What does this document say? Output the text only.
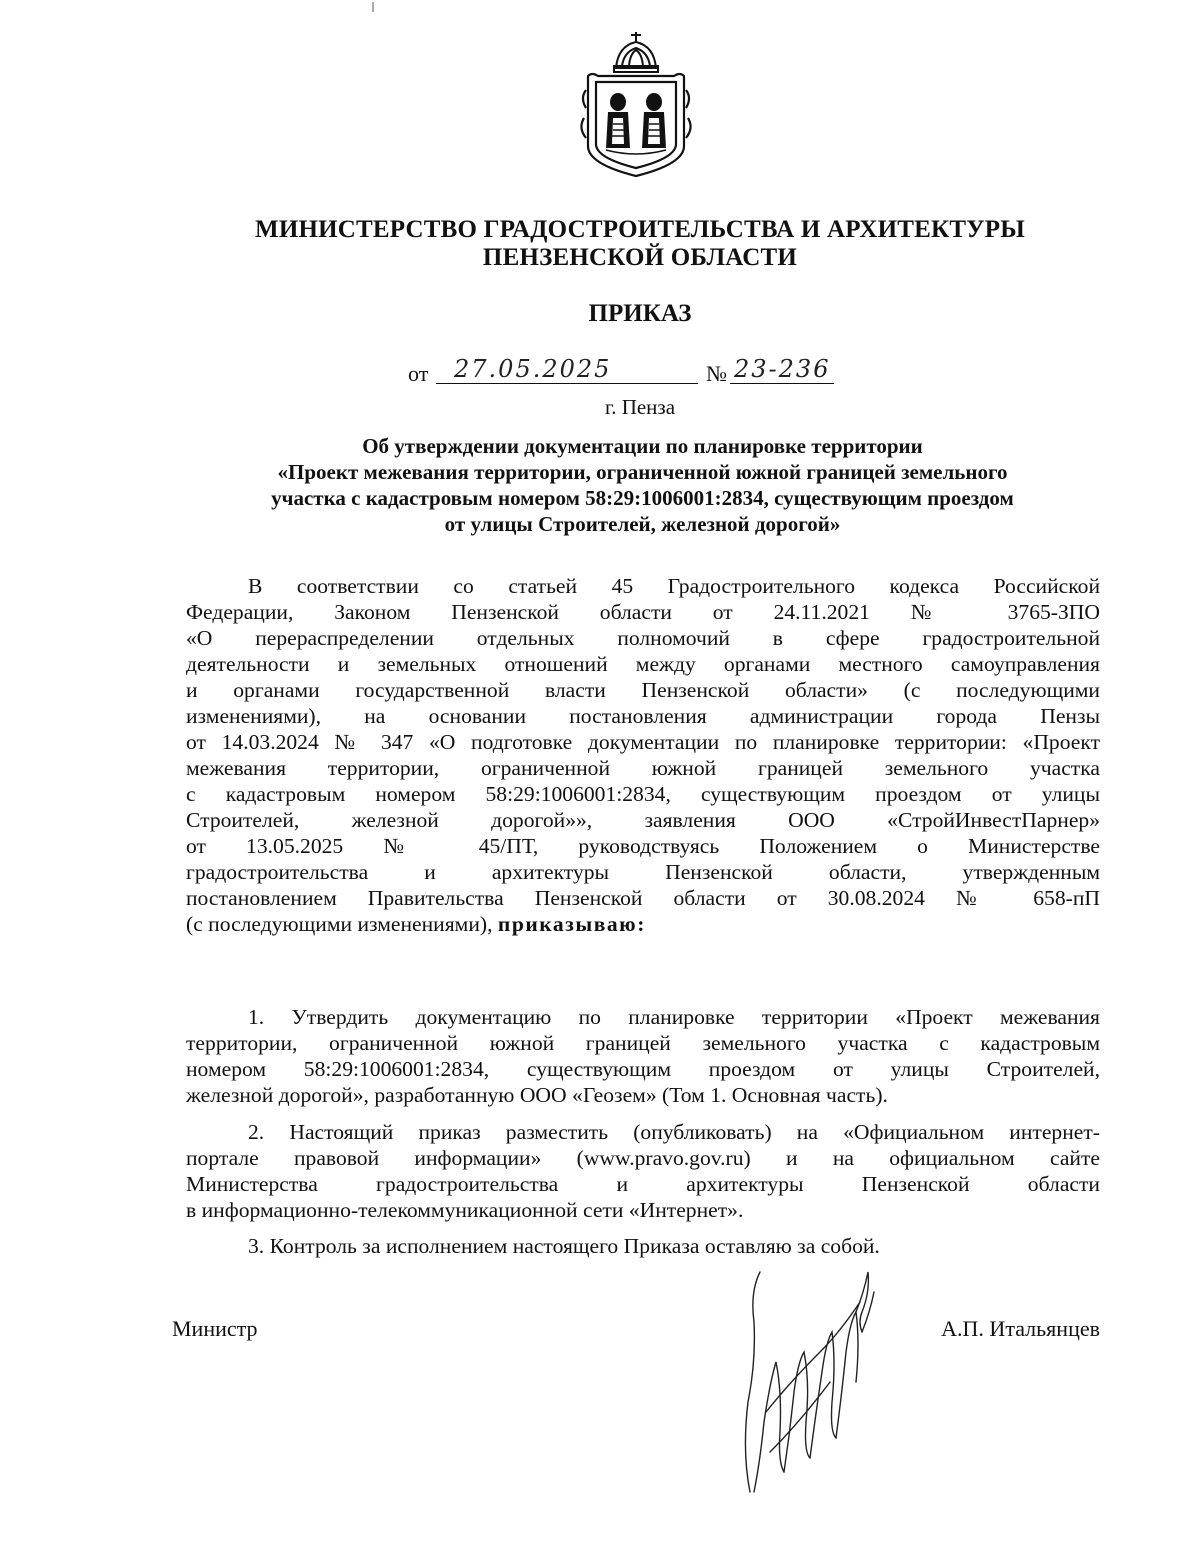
МИНИСТЕРСТВО ГРАДОСТРОИТЕЛЬСТВА И АРХИТЕКТУРЫ
ПЕНЗЕНСКОЙ ОБЛАСТИ
ПРИКАЗ
от 27.05.2025	№ 23-236
г. Пенза
Об утверждении документации по планировке территории
«Проект межевания территории, ограниченной южной границей земельного
участка с кадастровым номером 58:29:1006001:2834, существующим проездом
от улицы Строителей, железной дорогой»
В соответствии со статьей 45 Градостроительного кодекса Российской
Федерации, Законом Пензенской области от 24.11.2021 № 3765-ЗПО
«О перераспределении отдельных полномочий в сфере градостроительной
деятельности и земельных отношений между органами местного самоуправления
и органами государственной власти Пензенской области» (с последующими
изменениями), на основании постановления администрации города Пензы
от 14.03.2024 № 347 «О подготовке документации по планировке территории: «Проект
межевания территории, ограниченной южной границей земельного участка
с кадастровым номером 58:29:1006001:2834, существующим проездом от улицы
Строителей, железной дорогой»», заявления ООО «СтройИнвестПарнер»
от 13.05.2025 № 45/ПТ, руководствуясь Положением о Министерстве
градостроительства и архитектуры Пензенской области, утвержденным
постановлением Правительства Пензенской области от 30.08.2024 № 658-пП
(с последующими изменениями), приказываю:
1. Утвердить документацию по планировке территории «Проект межевания
территории, ограниченной южной границей земельного участка с кадастровым
номером 58:29:1006001:2834, существующим проездом от улицы Строителей,
железной дорогой», разработанную ООО «Геозем» (Том 1. Основная часть).
2. Настоящий приказ разместить (опубликовать) на «Официальном интернет-
портале правовой информации» (www.pravo.gov.ru) и на официальном сайте
Министерства градостроительства и архитектуры Пензенской области
в информационно-телекоммуникационной сети «Интернет».
3. Контроль за исполнением настоящего Приказа оставляю за собой.
Министр	А.П. Итальянцев
